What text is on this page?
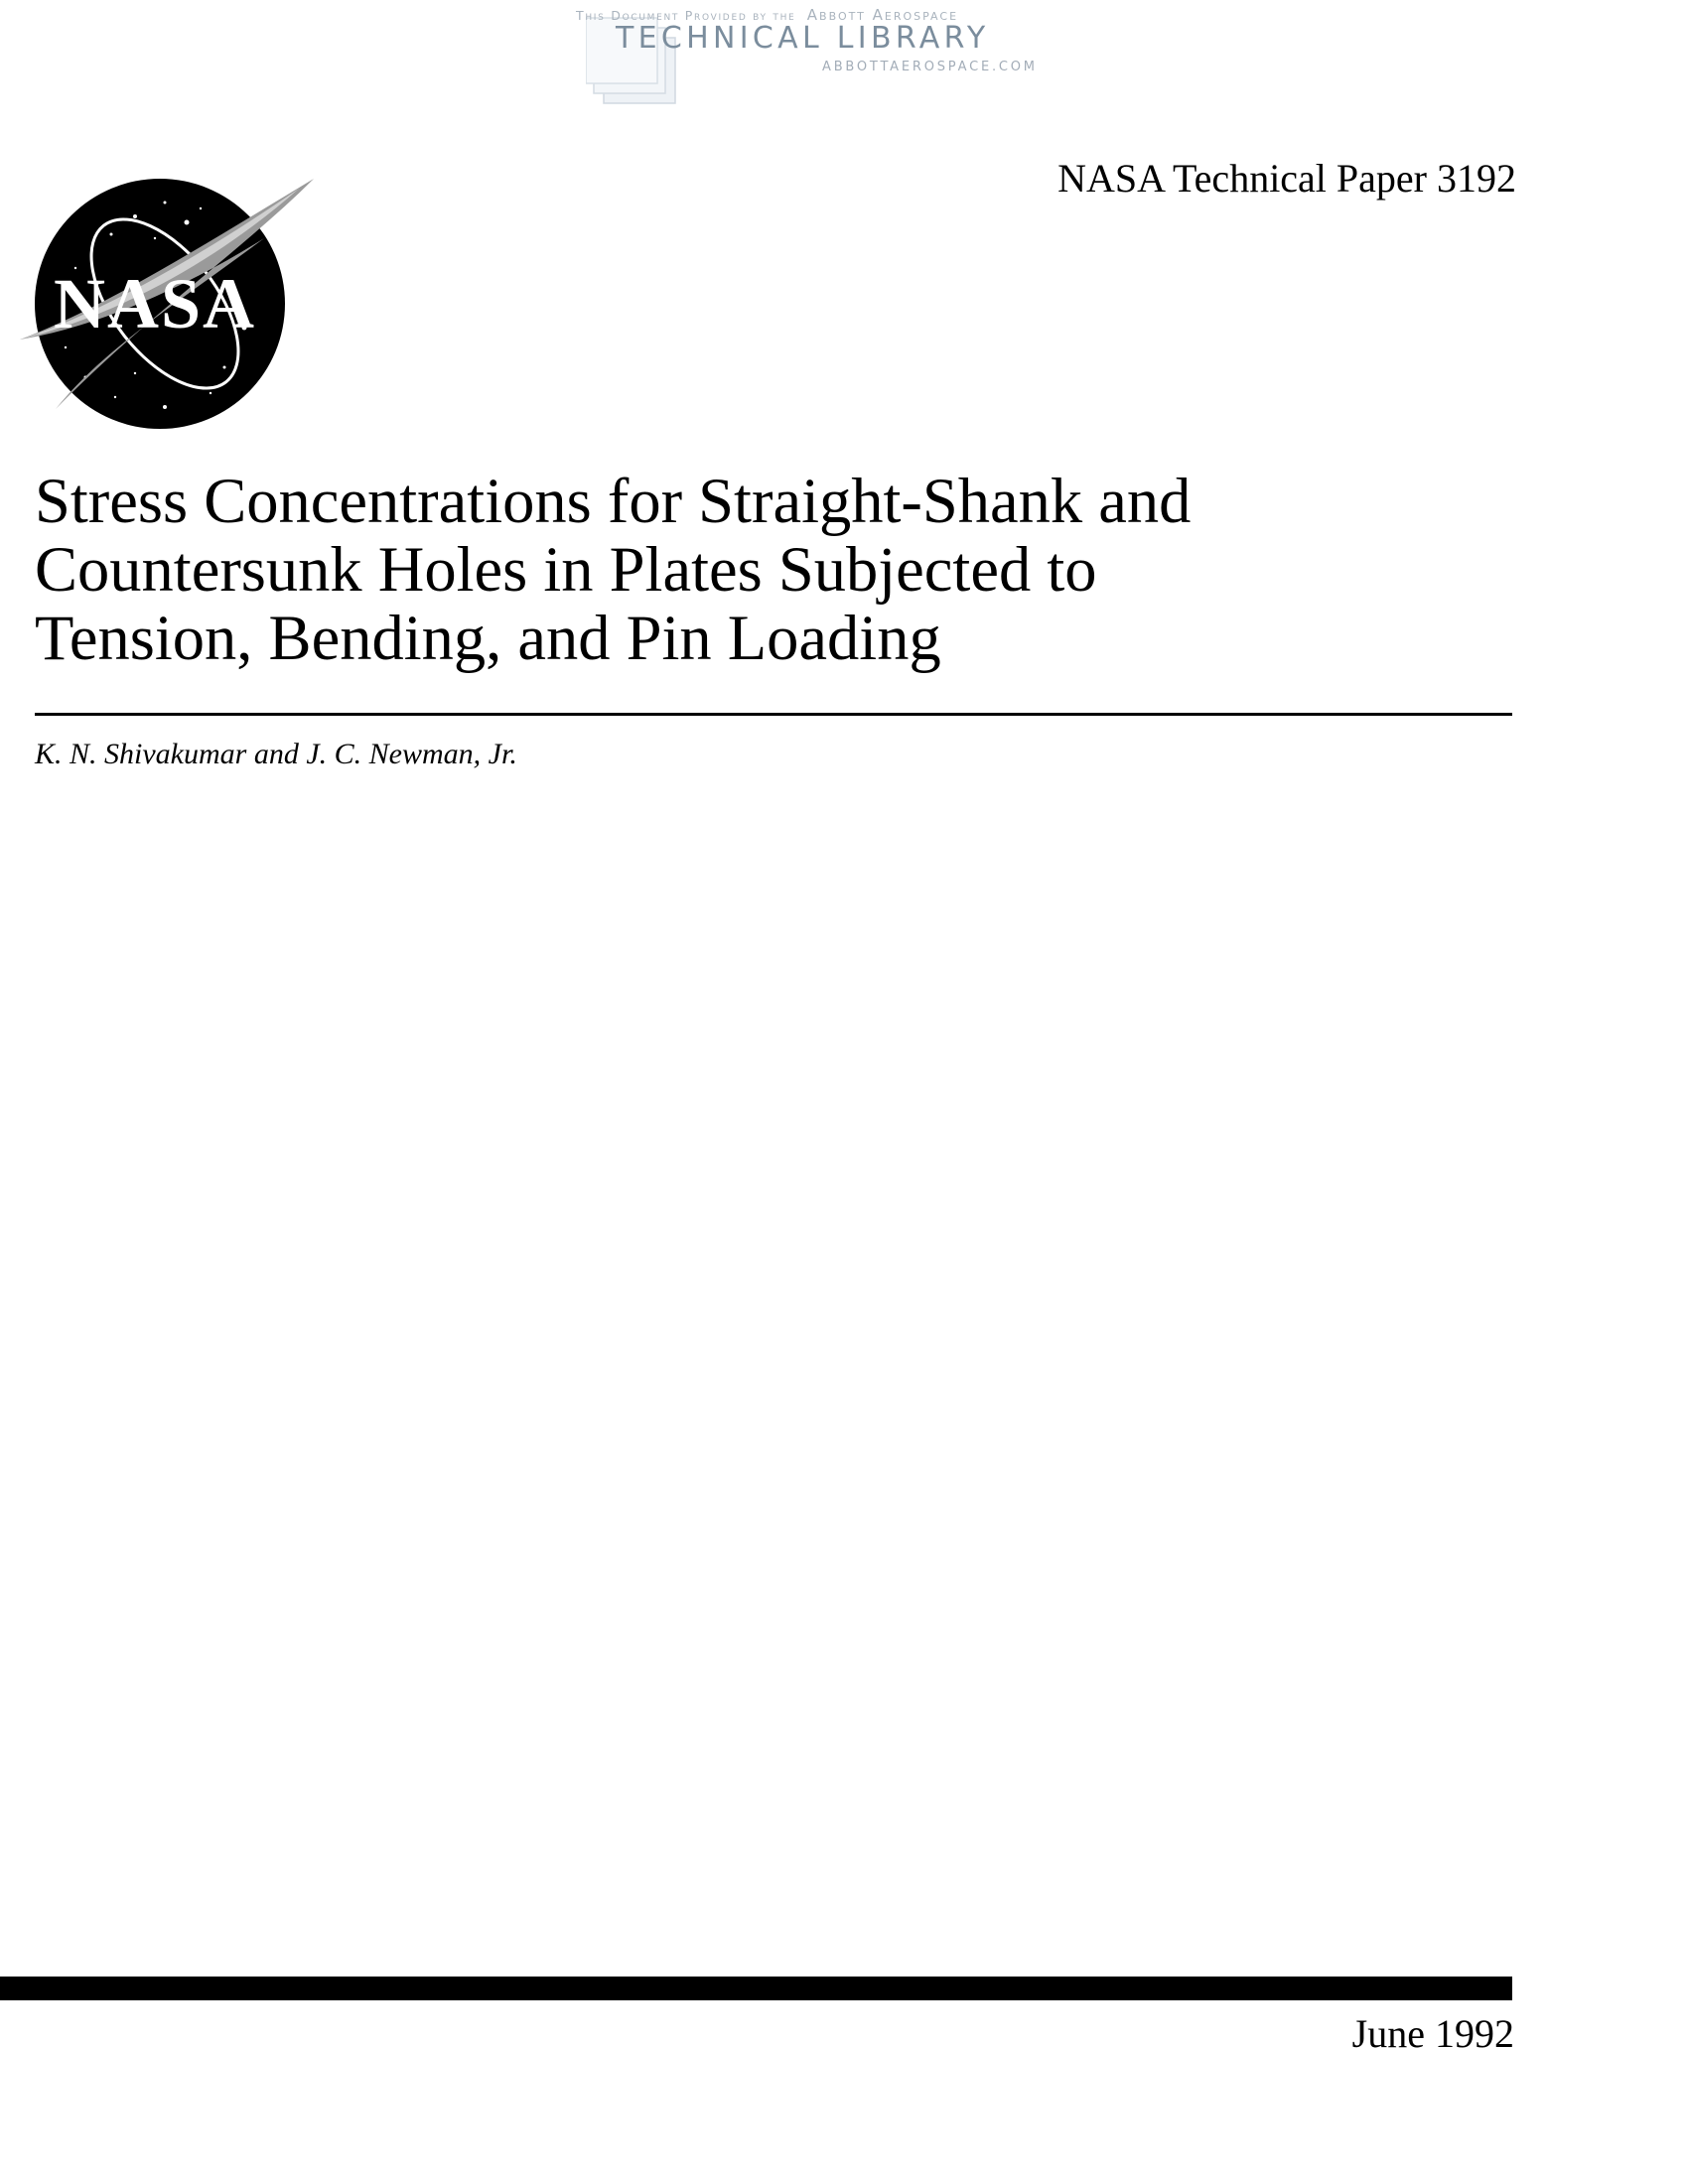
This Document Provided by the Abbott Aerospace
TECHNICAL LIBRARY
ABBOTTAEROSPACE.COM
NASA Technical Paper 3192
NASA
Stress Concentrations for Straight-Shank and
Countersunk Holes in Plates Subjected to
Tension, Bending, and Pin Loading
K. N. Shivakumar and J. C. Newman, Jr.
June 1992
